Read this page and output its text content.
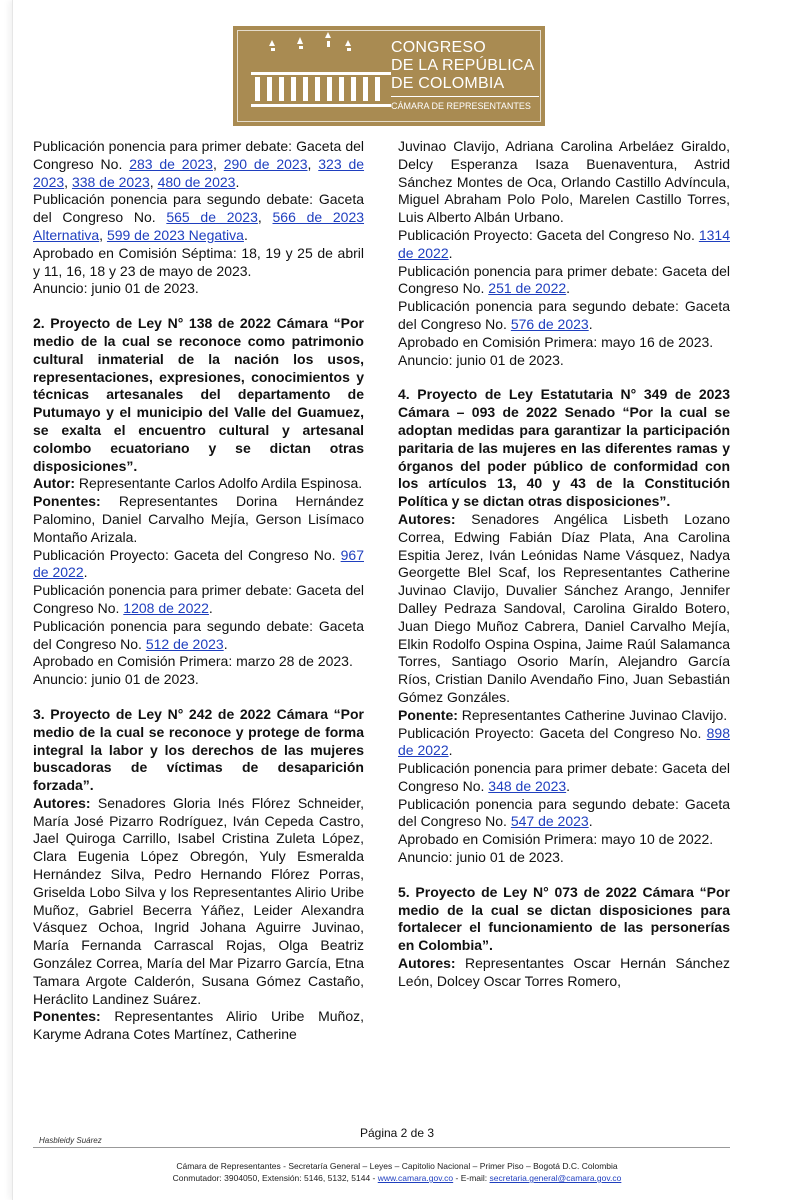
CONGRESO
DE LA REPÚBLICA
DE COLOMBIA
CÁMARA DE REPRESENTANTES

Publicación ponencia para primer debate: Gaceta del Congreso No. 283 de 2023, 290 de 2023, 323 de 2023, 338 de 2023, 480 de 2023.

Publicación ponencia para segundo debate: Gaceta del Congreso No. 565 de 2023, 566 de 2023 Alternativa, 599 de 2023 Negativa.

Aprobado en Comisión Séptima: 18, 19 y 25 de abril y 11, 16, 18 y 23 de mayo de 2023.

Anuncio: junio 01 de 2023.

2. Proyecto de Ley N° 138 de 2022 Cámara “Por medio de la cual se reconoce como patrimonio cultural inmaterial de la nación los usos, representaciones, expresiones, conocimientos y técnicas artesanales del departamento de Putumayo y el municipio del Valle del Guamuez, se exalta el encuentro cultural y artesanal colombo ecuatoriano y se dictan otras disposiciones”.

Autor: Representante Carlos Adolfo Ardila Espinosa.

Ponentes: Representantes Dorina Hernández Palomino, Daniel Carvalho Mejía, Gerson Lisímaco Montaño Arizala.

Publicación Proyecto: Gaceta del Congreso No. 967 de 2022.

Publicación ponencia para primer debate: Gaceta del Congreso No. 1208 de 2022.

Publicación ponencia para segundo debate: Gaceta del Congreso No. 512 de 2023.

Aprobado en Comisión Primera: marzo 28 de 2023.

Anuncio: junio 01 de 2023.

3. Proyecto de Ley N° 242 de 2022 Cámara “Por medio de la cual se reconoce y protege de forma integral la labor y los derechos de las mujeres buscadoras de víctimas de desaparición forzada”.

Autores: Senadores Gloria Inés Flórez Schneider, María José Pizarro Rodríguez, Iván Cepeda Castro, Jael Quiroga Carrillo, Isabel Cristina Zuleta López, Clara Eugenia López Obregón, Yuly Esmeralda Hernández Silva, Pedro Hernando Flórez Porras, Griselda Lobo Silva y los Representantes Alirio Uribe Muñoz, Gabriel Becerra Yáñez, Leider Alexandra Vásquez Ochoa, Ingrid Johana Aguirre Juvinao, María Fernanda Carrascal Rojas, Olga Beatriz González Correa, María del Mar Pizarro García, Etna Tamara Argote Calderón, Susana Gómez Castaño, Heráclito Landinez Suárez.

Ponentes: Representantes Alirio Uribe Muñoz, Karyme Adrana Cotes Martínez, Catherine

Juvinao Clavijo, Adriana Carolina Arbeláez Giraldo, Delcy Esperanza Isaza Buenaventura, Astrid Sánchez Montes de Oca, Orlando Castillo Advíncula, Miguel Abraham Polo Polo, Marelen Castillo Torres, Luis Alberto Albán Urbano.

Publicación Proyecto: Gaceta del Congreso No. 1314 de 2022.

Publicación ponencia para primer debate: Gaceta del Congreso No. 251 de 2022.

Publicación ponencia para segundo debate: Gaceta del Congreso No. 576 de 2023.

Aprobado en Comisión Primera: mayo 16 de 2023.

Anuncio: junio 01 de 2023.

4. Proyecto de Ley Estatutaria N° 349 de 2023 Cámara – 093 de 2022 Senado “Por la cual se adoptan medidas para garantizar la participación paritaria de las mujeres en las diferentes ramas y órganos del poder público de conformidad con los artículos 13, 40 y 43 de la Constitución Política y se dictan otras disposiciones”.

Autores: Senadores Angélica Lisbeth Lozano Correa, Edwing Fabián Díaz Plata, Ana Carolina Espitia Jerez, Iván Leónidas Name Vásquez, Nadya Georgette Blel Scaf, los Representantes Catherine Juvinao Clavijo, Duvalier Sánchez Arango, Jennifer Dalley Pedraza Sandoval, Carolina Giraldo Botero, Juan Diego Muñoz Cabrera, Daniel Carvalho Mejía, Elkin Rodolfo Ospina Ospina, Jaime Raúl Salamanca Torres, Santiago Osorio Marín, Alejandro García Ríos, Cristian Danilo Avendaño Fino, Juan Sebastián Gómez Gonzáles.

Ponente: Representantes Catherine Juvinao Clavijo.

Publicación Proyecto: Gaceta del Congreso No. 898 de 2022.

Publicación ponencia para primer debate: Gaceta del Congreso No. 348 de 2023.

Publicación ponencia para segundo debate: Gaceta del Congreso No. 547 de 2023.

Aprobado en Comisión Primera: mayo 10 de 2022.

Anuncio: junio 01 de 2023.

5. Proyecto de Ley N° 073 de 2022 Cámara “Por medio de la cual se dictan disposiciones para fortalecer el funcionamiento de las personerías en Colombia”.

Autores: Representantes Oscar Hernán Sánchez León, Dolcey Oscar Torres Romero,

Página 2 de 3
Hasbleidy Suárez
Cámara de Representantes - Secretaría General – Leyes – Capitolio Nacional – Primer Piso – Bogotá D.C. Colombia
Conmutador: 3904050, Extensión: 5146, 5132, 5144 - www.camara.gov.co - E-mail: secretaria.general@camara.gov.co
